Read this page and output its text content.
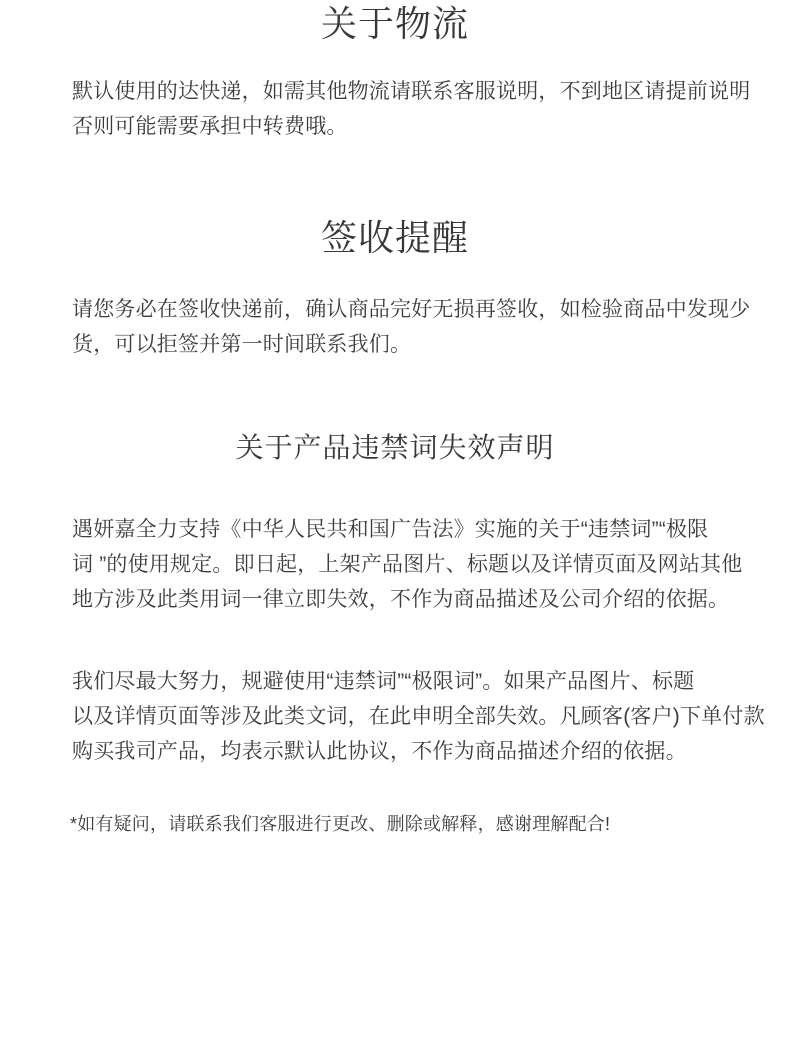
关于物流
默认使用的达快递，如需其他物流请联系客服说明，不到地区请提前说明
否则可能需要承担中转费哦。
签收提醒
请您务必在签收快递前，确认商品完好无损再签收，如检验商品中发现少
货，可以拒签并第一时间联系我们。
关于产品违禁词失效声明
遇妍嘉全力支持《中华人民共和国广告法》实施的关于“违禁词”“极限
词 ”的使用规定。即日起，上架产品图片、标题以及详情页面及网站其他
地方涉及此类用词一律立即失效，不作为商品描述及公司介绍的依据。
我们尽最大努力，规避使用“违禁词”“极限词”。如果产品图片、标题
以及详情页面等涉及此类文词，在此申明全部失效。凡顾客(客户)下单付款
购买我司产品，均表示默认此协议，不作为商品描述介绍的依据。
*如有疑问，请联系我们客服进行更改、删除或解释，感谢理解配合!
